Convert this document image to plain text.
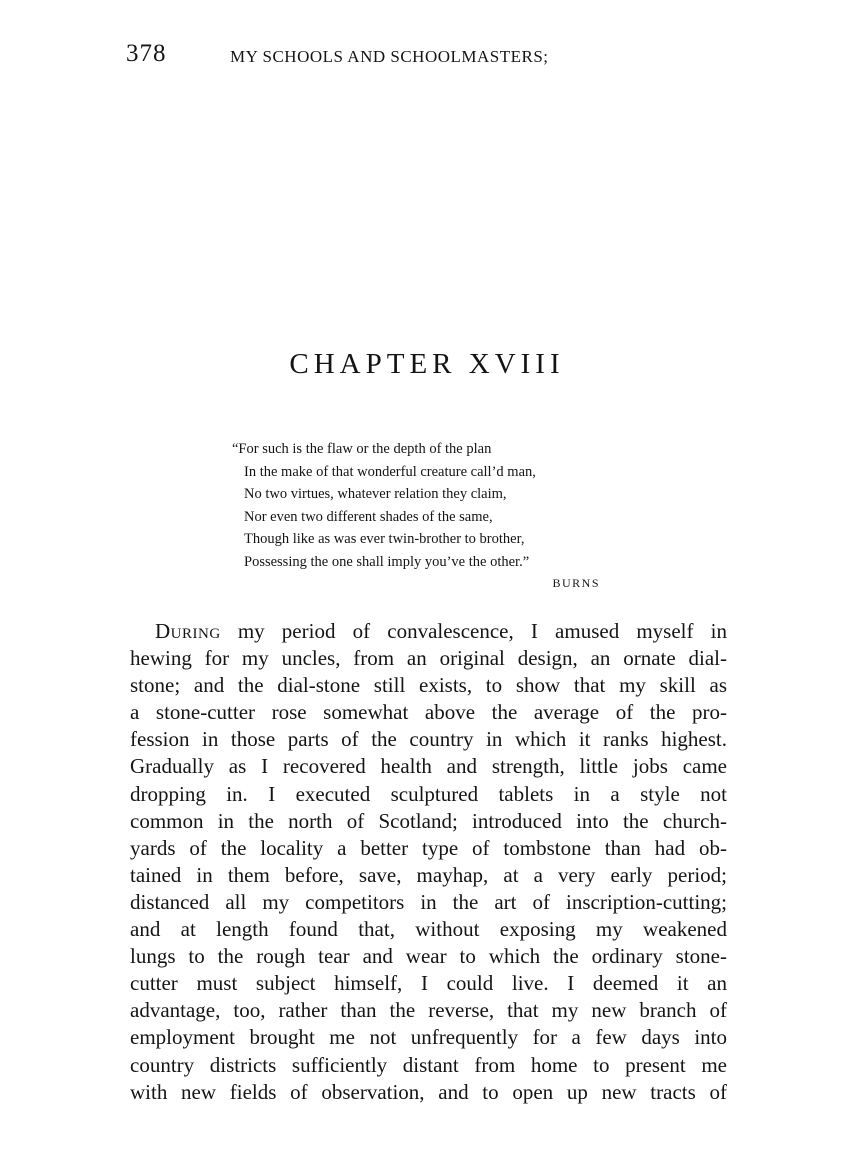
378	MY SCHOOLS AND SCHOOLMASTERS;
CHAPTER XVIII
“For such is the flaw or the depth of the plan
In the make of that wonderful creature call’d man,
No two virtues, whatever relation they claim,
Nor even two different shades of the same,
Though like as was ever twin-brother to brother,
Possessing the one shall imply you’ve the other.”
BURNS
During my period of convalescence, I amused myself in
hewing for my uncles, from an original design, an ornate dial-
stone; and the dial-stone still exists, to show that my skill as
a stone-cutter rose somewhat above the average of the pro-
fession in those parts of the country in which it ranks highest.
Gradually as I recovered health and strength, little jobs came
dropping in. I executed sculptured tablets in a style not
common in the north of Scotland; introduced into the church-
yards of the locality a better type of tombstone than had ob-
tained in them before, save, mayhap, at a very early period;
distanced all my competitors in the art of inscription-cutting;
and at length found that, without exposing my weakened
lungs to the rough tear and wear to which the ordinary stone-
cutter must subject himself, I could live. I deemed it an
advantage, too, rather than the reverse, that my new branch of
employment brought me not unfrequently for a few days into
country districts sufficiently distant from home to present me
with new fields of observation, and to open up new tracts of
